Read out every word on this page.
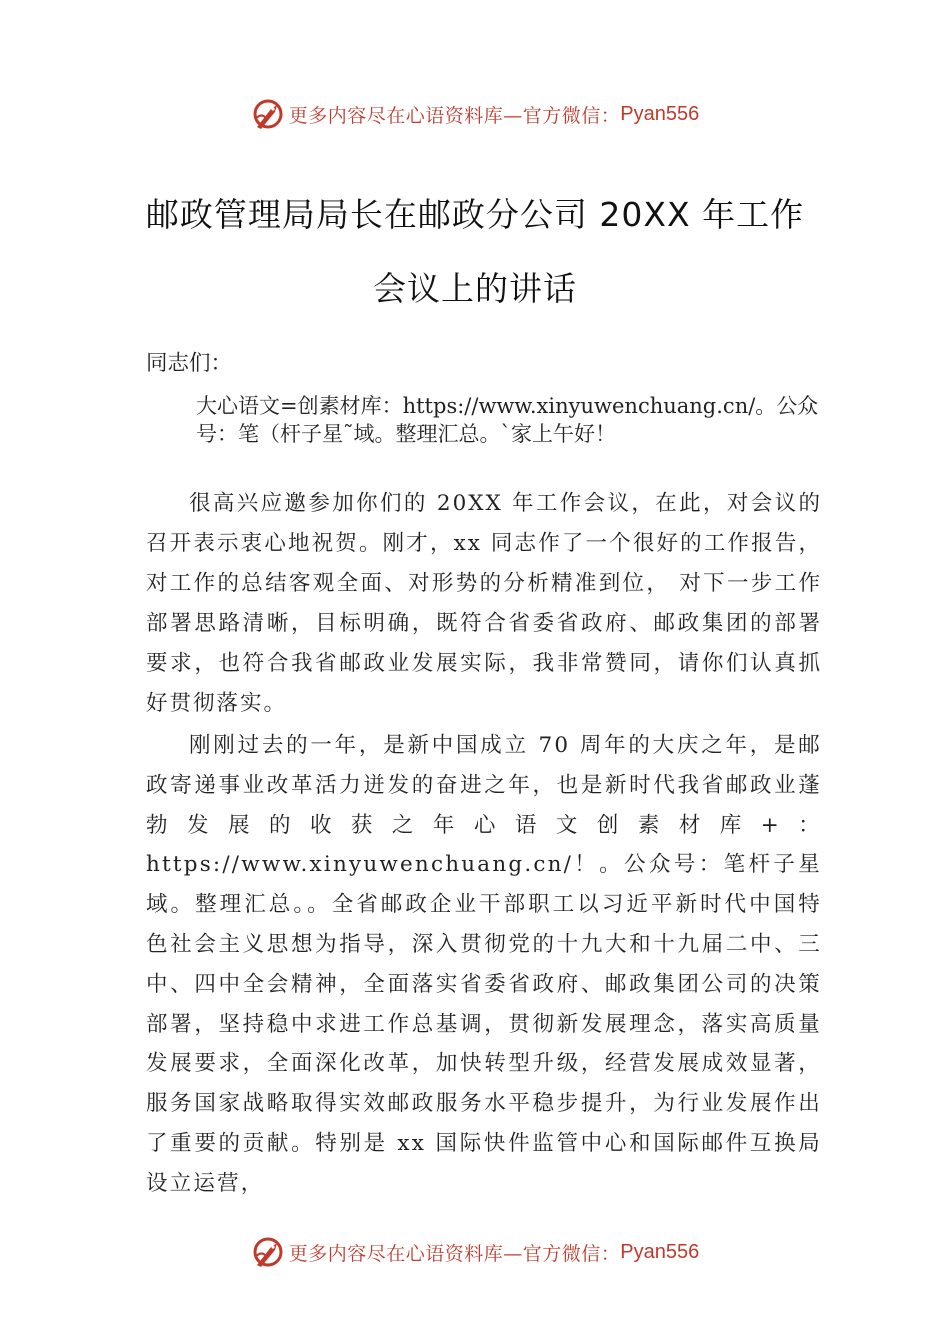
更多内容尽在心语资料库—官方微信： Pyan556
邮政管理局局长在邮政分公司 20XX 年工作会议上的讲话

同志们：

大心语文=创素材库：https://www.xinyuwenchuang.cn/。公众号：笔（杆子星˜域。整理汇总。`家上午好！

很高兴应邀参加你们的 20XX 年工作会议，在此，对会议的召开表示衷心地祝贺。刚才，xx 同志作了一个很好的工作报告，对工作的总结客观全面、对形势的分析精准到位， 对下一步工作部署思路清晰，目标明确，既符合省委省政府、邮政集团的部署要求，也符合我省邮政业发展实际，我非常赞同，请你们认真抓好贯彻落实。

刚刚过去的一年，是新中国成立 70 周年的大庆之年，是邮政寄递事业改革活力迸发的奋进之年，也是新时代我省邮政业蓬勃发展的收获之年心语文创素材库+：https://www.xinyuwenchuang.cn/！。公众号：笔杆子星域。整理汇总。。全省邮政企业干部职工以习近平新时代中国特色社会主义思想为指导，深入贯彻党的十九大和十九届二中、三中、四中全会精神，全面落实省委省政府、邮政集团公司的决策部署，坚持稳中求进工作总基调，贯彻新发展理念，落实高质量发展要求，全面深化改革，加快转型升级，经营发展成效显著，服务国家战略取得实效邮政服务水平稳步提升，为行业发展作出了重要的贡献。特别是 xx 国际快件监管中心和国际邮件互换局设立运营，

更多内容尽在心语资料库—官方微信： Pyan556
